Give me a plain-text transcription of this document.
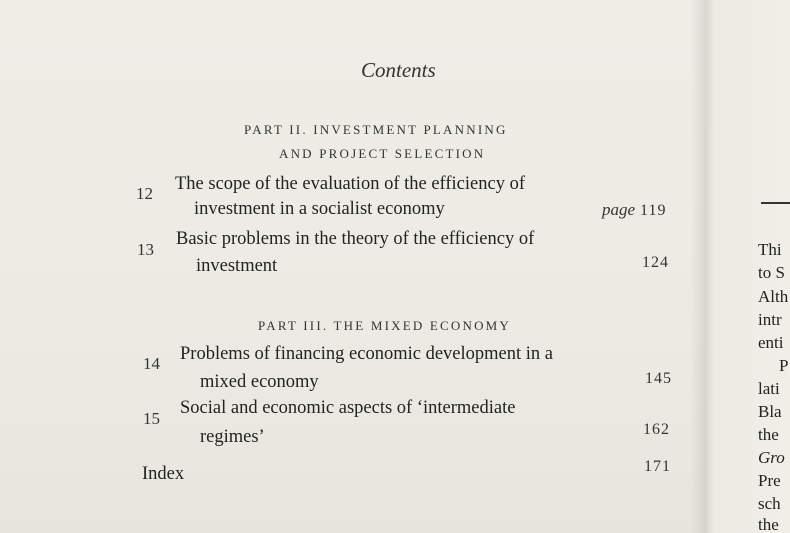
Contents
PART II. INVESTMENT PLANNING
AND PROJECT SELECTION
12 The scope of the evaluation of the efficiency of
investment in a socialist economy	page 119
13
Basic problems in the theory of the efficiency of
investment	124
PART III. THE MIXED ECONOMY
14 Problems of financing economic development in a
mixed economy	145
15
Social and economic aspects of ‘intermediate
regimes’	162
Index	171
Thi
to S
Alth
intr
enti
P
lati
Bla
the
Gro
Pre
sch
the
